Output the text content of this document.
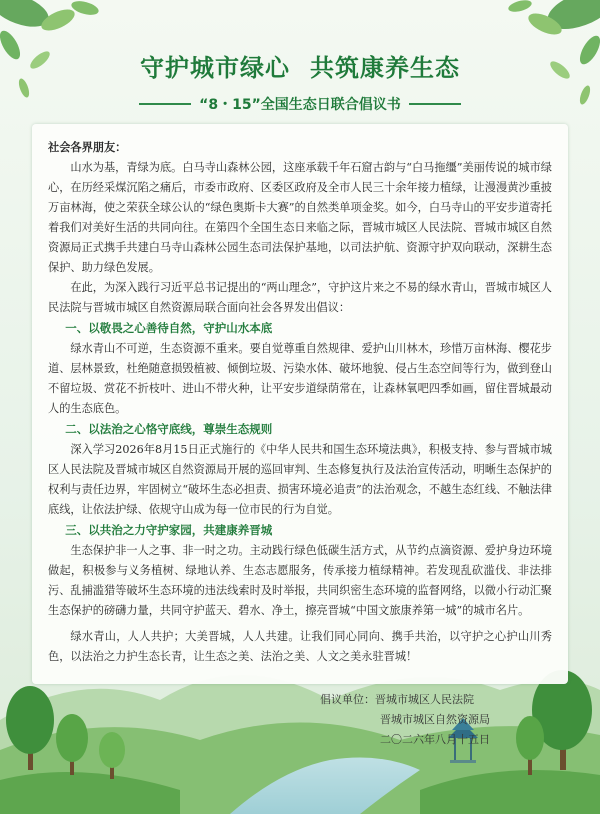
守护城市绿心 共筑康养生态
“8・15”全国生态日联合倡议书

社会各界朋友：

山水为基，青绿为底。白马寺山森林公园，这座承载千年石窟古韵与“白马拖缰”美丽传说的城市绿心，在历经采煤沉陷之痛后，市委市政府、区委区政府及全市人民三十余年接力植绿，让漫漫黄沙重披万亩林海，使之荣获全球公认的“绿色奥斯卡大赛”的自然类单项金奖。如今，白马寺山的平安步道寄托着我们对美好生活的共同向往。在第四个全国生态日来临之际，晋城市城区人民法院、晋城市城区自然资源局正式携手共建白马寺山森林公园生态司法保护基地，以司法护航、资源守护双向联动，深耕生态保护、助力绿色发展。

在此，为深入践行习近平总书记提出的“两山理念”，守护这片来之不易的绿水青山，晋城市城区人民法院与晋城市城区自然资源局联合面向社会各界发出倡议：

一、以敬畏之心善待自然，守护山水本底

绿水青山不可逆，生态资源不重来。要自觉尊重自然规律、爱护山川林木，珍惜万亩林海、樱花步道、层林景致，杜绝随意损毁植被、倾倒垃圾、污染水体、破坏地貌、侵占生态空间等行为，做到登山不留垃圾、赏花不折枝叶、进山不带火种，让平安步道绿荫常在，让森林氧吧四季如画，留住晋城最动人的生态底色。

二、以法治之心恪守底线，尊崇生态规则

深入学习2026年8月15日正式施行的《中华人民共和国生态环境法典》，积极支持、参与晋城市城区人民法院及晋城市城区自然资源局开展的巡回审判、生态修复执行及法治宣传活动，明晰生态保护的权利与责任边界，牢固树立“破坏生态必担责、损害环境必追责”的法治观念，不越生态红线、不触法律底线，让依法护绿、依规守山成为每一位市民的行为自觉。

三、以共治之力守护家园，共建康养晋城

生态保护非一人之事、非一时之功。主动践行绿色低碳生活方式，从节约点滴资源、爱护身边环境做起，积极参与义务植树、绿地认养、生态志愿服务，传承接力植绿精神。若发现乱砍滥伐、非法排污、乱捕滥猎等破坏生态环境的违法线索时及时举报，共同织密生态环境的监督网络，以微小行动汇聚生态保护的磅礴力量，共同守护蓝天、碧水、净土，擦亮晋城“中国文旅康养第一城”的城市名片。

绿水青山，人人共护；大美晋城，人人共建。让我们同心同向、携手共治，以守护之心护山川秀色，以法治之力护生态长青，让生态之美、法治之美、人文之美永驻晋城！

倡议单位：晋城市城区人民法院
晋城市城区自然资源局
二〇二六年八月十五日
